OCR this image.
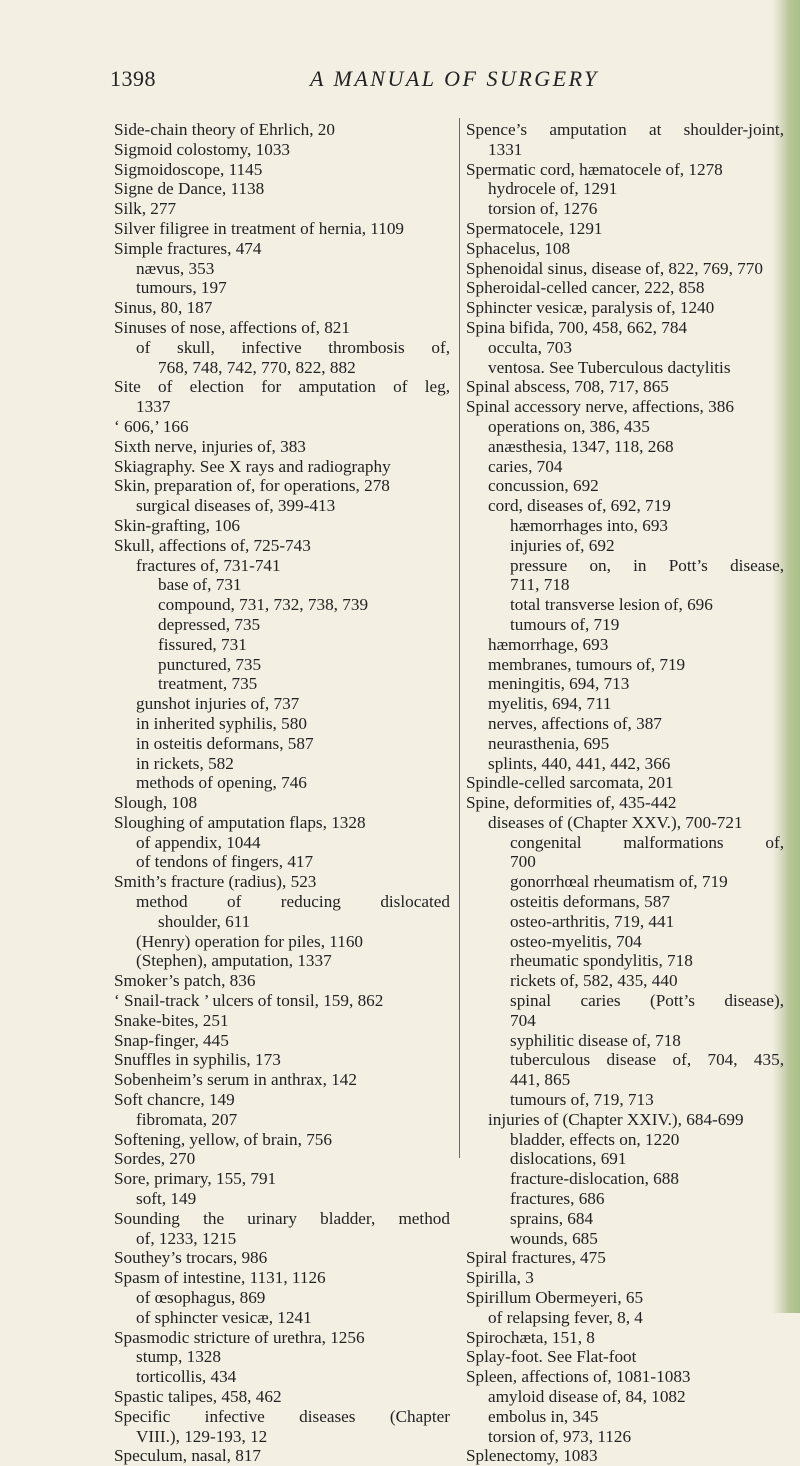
1398	A MANUAL OF SURGERY
Side-chain theory of Ehrlich, 20
Sigmoid colostomy, 1033
Sigmoidoscope, 1145
Signe de Dance, 1138
Silk, 277
Silver filigree in treatment of hernia, 1109
Simple fractures, 474
nævus, 353
tumours, 197
Sinus, 80, 187
Sinuses of nose, affections of, 821
of skull, infective thrombosis of,
768, 748, 742, 770, 822, 882
Site of election for amputation of leg,
1337
‘ 606,’ 166
Sixth nerve, injuries of, 383
Skiagraphy. See X rays and radiography
Skin, preparation of, for operations, 278
surgical diseases of, 399-413
Skin-grafting, 106
Skull, affections of, 725-743
fractures of, 731-741
base of, 731
compound, 731, 732, 738, 739
depressed, 735
fissured, 731
punctured, 735
treatment, 735
gunshot injuries of, 737
in inherited syphilis, 580
in osteitis deformans, 587
in rickets, 582
methods of opening, 746
Slough, 108
Sloughing of amputation flaps, 1328
of appendix, 1044
of tendons of fingers, 417
Smith’s fracture (radius), 523
method of reducing dislocated
shoulder, 611
(Henry) operation for piles, 1160
(Stephen), amputation, 1337
Smoker’s patch, 836
‘ Snail-track ’ ulcers of tonsil, 159, 862
Snake-bites, 251
Snap-finger, 445
Snuffles in syphilis, 173
Sobenheim’s serum in anthrax, 142
Soft chancre, 149
fibromata, 207
Softening, yellow, of brain, 756
Sordes, 270
Sore, primary, 155, 791
soft, 149
Sounding the urinary bladder, method
of, 1233, 1215
Southey’s trocars, 986
Spasm of intestine, 1131, 1126
of œsophagus, 869
of sphincter vesicæ, 1241
Spasmodic stricture of urethra, 1256
stump, 1328
torticollis, 434
Spastic talipes, 458, 462
Specific infective diseases (Chapter
VIII.), 129-193, 12
Speculum, nasal, 817
Spence’s amputation at shoulder-joint,
1331
Spermatic cord, hæmatocele of, 1278
hydrocele of, 1291
torsion of, 1276
Spermatocele, 1291
Sphacelus, 108
Sphenoidal sinus, disease of, 822, 769, 770
Spheroidal-celled cancer, 222, 858
Sphincter vesicæ, paralysis of, 1240
Spina bifida, 700, 458, 662, 784
occulta, 703
ventosa. See Tuberculous dactylitis
Spinal abscess, 708, 717, 865
Spinal accessory nerve, affections, 386
operations on, 386, 435
anæsthesia, 1347, 118, 268
caries, 704
concussion, 692
cord, diseases of, 692, 719
hæmorrhages into, 693
injuries of, 692
pressure on, in Pott’s disease,
711, 718
total transverse lesion of, 696
tumours of, 719
hæmorrhage, 693
membranes, tumours of, 719
meningitis, 694, 713
myelitis, 694, 711
nerves, affections of, 387
neurasthenia, 695
splints, 440, 441, 442, 366
Spindle-celled sarcomata, 201
Spine, deformities of, 435-442
diseases of (Chapter XXV.), 700-721
congenital malformations of,
700
gonorrhœal rheumatism of, 719
osteitis deformans, 587
osteo-arthritis, 719, 441
osteo-myelitis, 704
rheumatic spondylitis, 718
rickets of, 582, 435, 440
spinal caries (Pott’s disease),
704
syphilitic disease of, 718
tuberculous disease of, 704, 435,
441, 865
tumours of, 719, 713
injuries of (Chapter XXIV.), 684-699
bladder, effects on, 1220
dislocations, 691
fracture-dislocation, 688
fractures, 686
sprains, 684
wounds, 685
Spiral fractures, 475
Spirilla, 3
Spirillum Obermeyeri, 65
of relapsing fever, 8, 4
Spirochæta, 151, 8
Splay-foot. See Flat-foot
Spleen, affections of, 1081-1083
amyloid disease of, 84, 1082
embolus in, 345
torsion of, 973, 1126
Splenectomy, 1083
